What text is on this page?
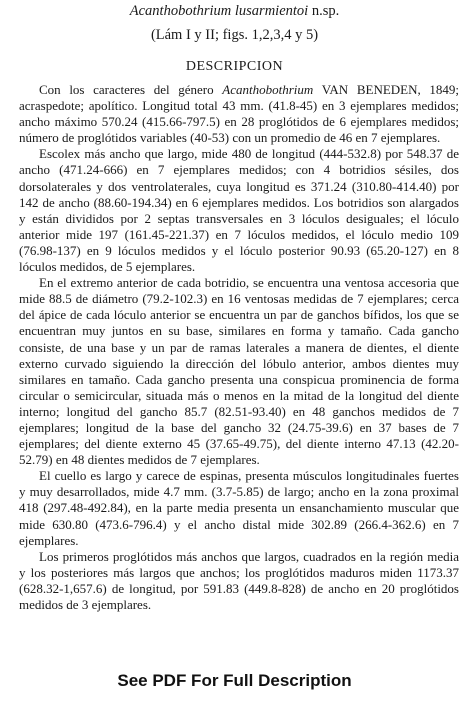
Acanthobothrium lusarmientoi n.sp.
(Lám I y II; figs. 1,2,3,4 y 5)
DESCRIPCION

Con los caracteres del género Acanthobothrium VAN BENEDEN, 1849; acraspedote; apolítico. Longitud total 43 mm. (41.8-45) en 3 ejemplares medidos; ancho máximo 570.24 (415.66-797.5) en 28 proglótidos de 6 ejemplares medidos; número de proglótidos variables (40-53) con un promedio de 46 en 7 ejemplares.

Escolex más ancho que largo, mide 480 de longitud (444-532.8) por 548.37 de ancho (471.24-666) en 7 ejemplares medidos; con 4 botridios sésiles, dos dorsolaterales y dos ventrolaterales, cuya longitud es 371.24 (310.80-414.40) por 142 de ancho (88.60-194.34) en 6 ejemplares medidos. Los botridios son alargados y están divididos por 2 septas transversales en 3 lóculos desiguales; el lóculo anterior mide 197 (161.45-221.37) en 7 lóculos medidos, el lóculo medio 109 (76.98-137) en 9 lóculos medidos y el lóculo posterior 90.93 (65.20-127) en 8 lóculos medidos, de 5 ejemplares.

En el extremo anterior de cada botridio, se encuentra una ventosa accesoria que mide 88.5 de diámetro (79.2-102.3) en 16 ventosas medidas de 7 ejemplares; cerca del ápice de cada lóculo anterior se encuentra un par de ganchos bífidos, los que se encuentran muy juntos en su base, similares en forma y tamaño. Cada gancho consiste, de una base y un par de ramas laterales a manera de dientes, el diente externo curvado siguiendo la dirección del lóbulo anterior, ambos dientes muy similares en tamaño. Cada gancho presenta una conspicua prominencia de forma circular o semicircular, situada más o menos en la mitad de la longitud del diente interno; longitud del gancho 85.7 (82.51-93.40) en 48 ganchos medidos de 7 ejemplares; longitud de la base del gancho 32 (24.75-39.6) en 37 bases de 7 ejemplares; del diente externo 45 (37.65-49.75), del diente interno 47.13 (42.20-52.79) en 48 dientes medidos de 7 ejemplares.

El cuello es largo y carece de espinas, presenta músculos longitudinales fuertes y muy desarrollados, mide 4.7 mm. (3.7-5.85) de largo; ancho en la zona proximal 418 (297.48-492.84), en la parte media presenta un ensanchamiento muscular que mide 630.80 (473.6-796.4) y el ancho distal mide 302.89 (266.4-362.6) en 7 ejemplares.

Los primeros proglótidos más anchos que largos, cuadrados en la región media y los posteriores más largos que anchos; los proglótidos maduros miden 1173.37 (628.32-1,657.6) de longitud, por 591.83 (449.8-828) de ancho en 20 proglótidos medidos de 3 ejemplares.

See PDF For Full Description
